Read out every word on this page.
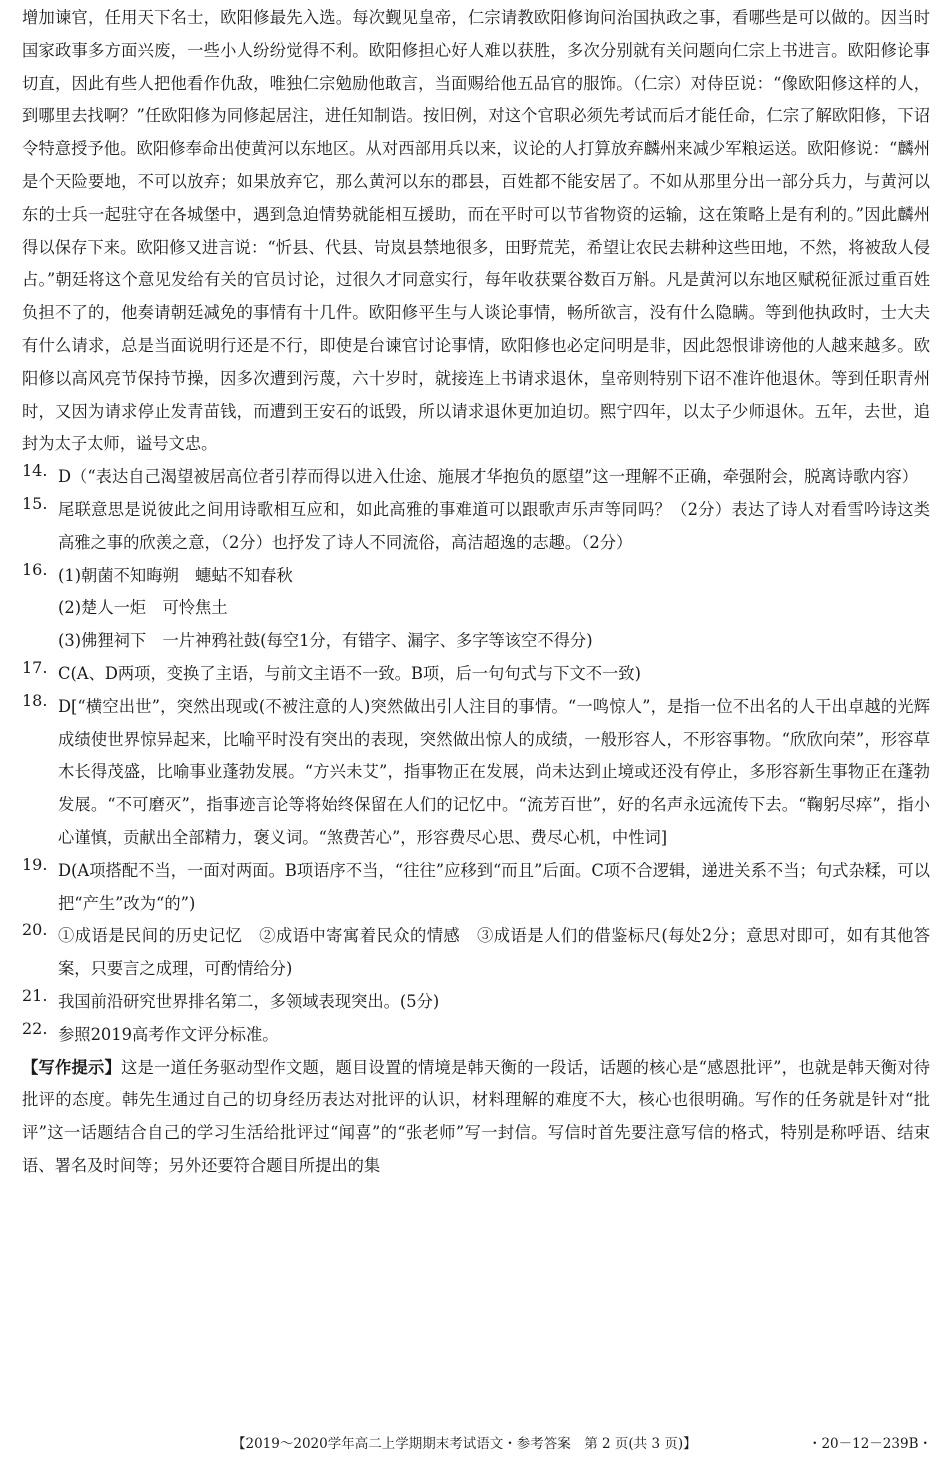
增加谏官，任用天下名士，欧阳修最先入选。每次觐见皇帝，仁宗请教欧阳修询问治国执政之事，看哪些是可以做的。因当时国家政事多方面兴废，一些小人纷纷觉得不利。欧阳修担心好人难以获胜，多次分别就有关问题向仁宗上书进言。欧阳修论事切直，因此有些人把他看作仇敌，唯独仁宗勉励他敢言，当面赐给他五品官的服饰。（仁宗）对侍臣说：“像欧阳修这样的人，到哪里去找啊？”任欧阳修为同修起居注，进任知制诰。按旧例，对这个官职必须先考试而后才能任命，仁宗了解欧阳修，下诏令特意授予他。欧阳修奉命出使黄河以东地区。从对西部用兵以来，议论的人打算放弃麟州来减少军粮运送。欧阳修说：“麟州是个天险要地，不可以放弃；如果放弃它，那么黄河以东的郡县，百姓都不能安居了。不如从那里分出一部分兵力，与黄河以东的士兵一起驻守在各城堡中，遇到急迫情势就能相互援助，而在平时可以节省物资的运输，这在策略上是有利的。”因此麟州得以保存下来。欧阳修又进言说：“忻县、代县、岢岚县禁地很多，田野荒芜，希望让农民去耕种这些田地，不然，将被敌人侵占。”朝廷将这个意见发给有关的官员讨论，过很久才同意实行，每年收获粟谷数百万斛。凡是黄河以东地区赋税征派过重百姓负担不了的，他奏请朝廷减免的事情有十几件。欧阳修平生与人谈论事情，畅所欲言，没有什么隐瞒。等到他执政时，士大夫有什么请求，总是当面说明行还是不行，即使是台谏官讨论事情，欧阳修也必定问明是非，因此怨恨诽谤他的人越来越多。欧阳修以高风亮节保持节操，因多次遭到污蔑，六十岁时，就接连上书请求退休，皇帝则特别下诏不准许他退休。等到任职青州时，又因为请求停止发青苗钱，而遭到王安石的诋毁，所以请求退休更加迫切。熙宁四年，以太子少师退休。五年，去世，追封为太子太师，谥号文忠。

14. D（“表达自己渴望被居高位者引荐而得以进入仕途、施展才华抱负的愿望”这一理解不正确，牵强附会，脱离诗歌内容）

15. 尾联意思是说彼此之间用诗歌相互应和，如此高雅的事难道可以跟歌声乐声等同吗？（2分）表达了诗人对看雪吟诗这类高雅之事的欣羡之意，（2分）也抒发了诗人不同流俗，高洁超逸的志趣。（2分）

16. (1)朝菌不知晦朔　蟪蛄不知春秋

(2)楚人一炬　可怜焦土

(3)佛狸祠下　一片神鸦社鼓(每空1分，有错字、漏字、多字等该空不得分)

17. C(A、D两项，变换了主语，与前文主语不一致。B项，后一句句式与下文不一致)

18. D[“横空出世”，突然出现或(不被注意的人)突然做出引人注目的事情。“一鸣惊人”，是指一位不出名的人干出卓越的光辉成绩使世界惊异起来，比喻平时没有突出的表现，突然做出惊人的成绩，一般形容人，不形容事物。“欣欣向荣”，形容草木长得茂盛，比喻事业蓬勃发展。“方兴未艾”，指事物正在发展，尚未达到止境或还没有停止，多形容新生事物正在蓬勃发展。“不可磨灭”，指事迹言论等将始终保留在人们的记忆中。“流芳百世”，好的名声永远流传下去。“鞠躬尽瘁”，指小心谨慎，贡献出全部精力，褒义词。“煞费苦心”，形容费尽心思、费尽心机，中性词]

19. D(A项搭配不当，一面对两面。B项语序不当，“往往”应移到“而且”后面。C项不合逻辑，递进关系不当；句式杂糅，可以把“产生”改为“的”)

20. ①成语是民间的历史记忆　②成语中寄寓着民众的情感　③成语是人们的借鉴标尺(每处2分；意思对即可，如有其他答案，只要言之成理，可酌情给分)

21. 我国前沿研究世界排名第二，多领域表现突出。(5分)

22. 参照2019高考作文评分标准。

【写作提示】这是一道任务驱动型作文题，题目设置的情境是韩天衡的一段话，话题的核心是“感恩批评”，也就是韩天衡对待批评的态度。韩先生通过自己的切身经历表达对批评的认识，材料理解的难度不大，核心也很明确。写作的任务就是针对“批评”这一话题结合自己的学习生活给批评过“闻喜”的“张老师”写一封信。写信时首先要注意写信的格式，特别是称呼语、结束语、署名及时间等；另外还要符合题目所提出的集

【2019～2020学年高二上学期期末考试语文・参考答案　第 2 页(共 3 页)】	・20－12－239B・
